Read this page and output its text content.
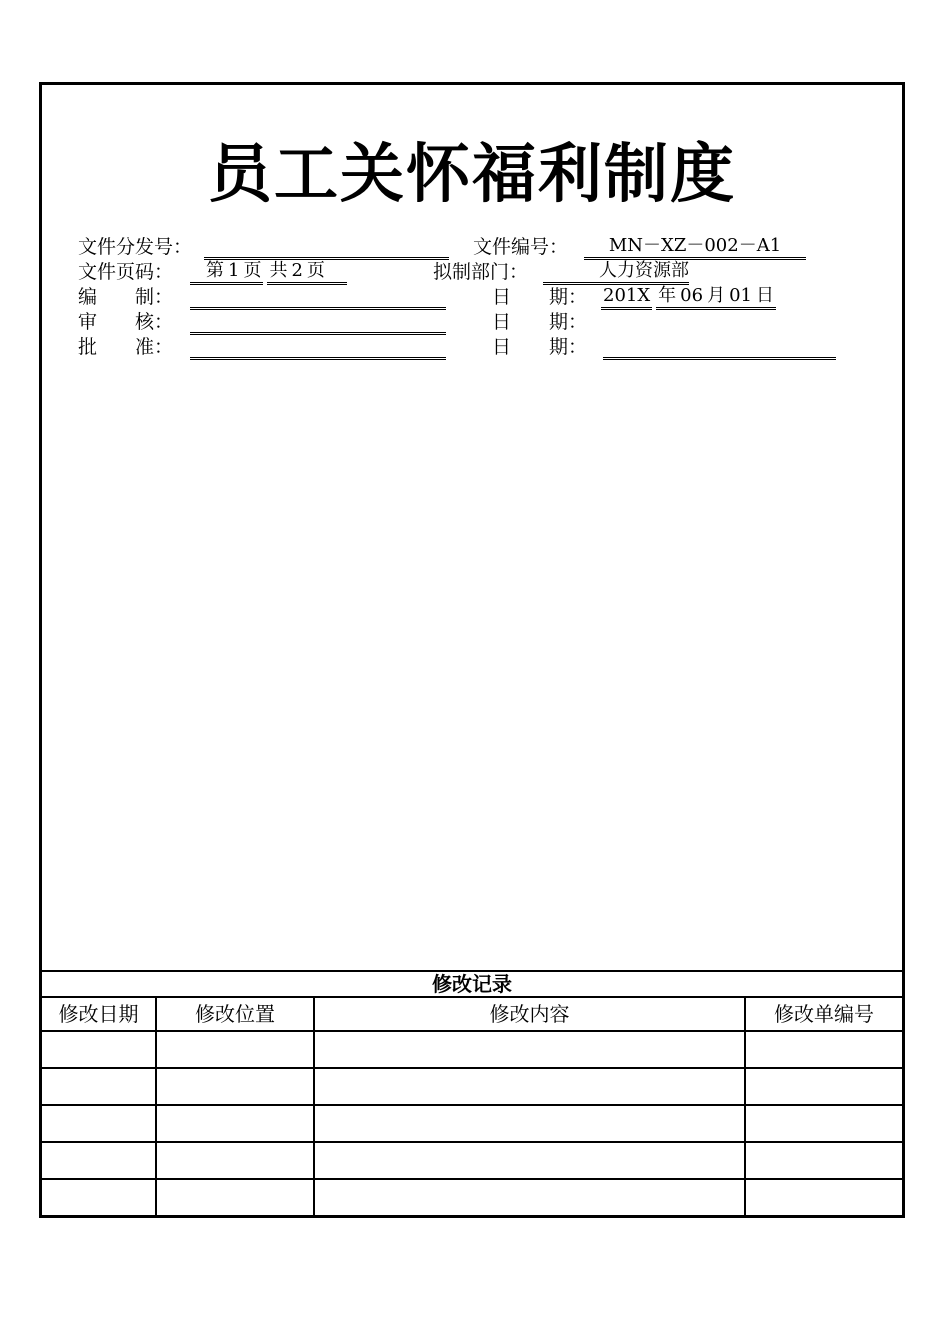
员工关怀福利制度
文件分发号：	文件编号：	MN－XZ－002－A1
文件页码：	第 1 页 共 2 页	拟制部门：	人力资源部
编　　制：	日　　期： 201X 年 06 月 01 日
审　　核：	日　　期：
批　　准：	日　　期：
修改记录			
修改日期	修改位置	修改内容	修改单编号
